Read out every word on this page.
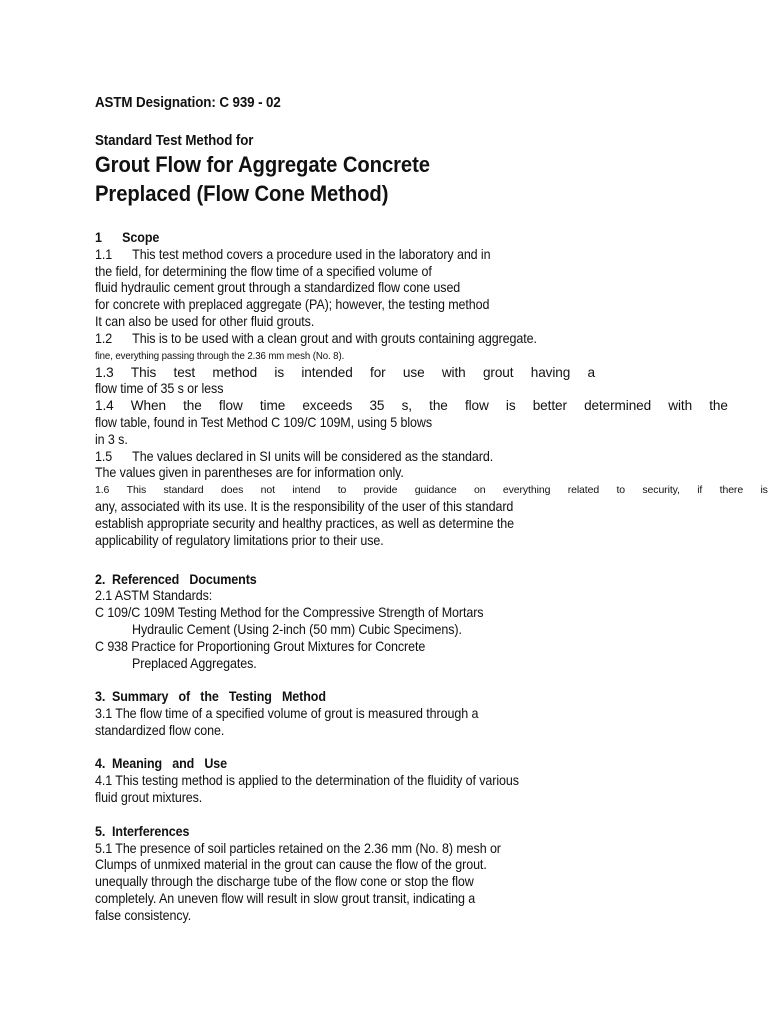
ASTM Designation: C 939 - 02
Standard Test Method for
Grout Flow for Aggregate Concrete
Preplaced (Flow Cone Method)
1      Scope
1.1      This test method covers a procedure used in the laboratory and in
the field, for determining the flow time of a specified volume of
fluid hydraulic cement grout through a standardized flow cone used
for concrete with preplaced aggregate (PA); however, the testing method
It can also be used for other fluid grouts.
1.2      This is to be used with a clean grout and with grouts containing aggregate.
fine, everything passing through the 2.36 mm mesh (No. 8).
1.3 This test method is intended for use with grout having a
flow time of 35 s or less
1.4 When the flow time exceeds 35 s, the flow is better determined with the
flow table, found in Test Method C 109/C 109M, using 5 blows
in 3 s.
1.5      The values declared in SI units will be considered as the standard.
The values given in parentheses are for information only.
1.6 This standard does not intend to provide guidance on everything related to security, if there is
any, associated with its use. It is the responsibility of the user of this standard
establish appropriate security and healthy practices, as well as determine the
applicability of regulatory limitations prior to their use.
2.  Referenced   Documents
2.1 ASTM Standards:
C 109/C 109M Testing Method for the Compressive Strength of Mortars
Hydraulic Cement (Using 2-inch (50 mm) Cubic Specimens).
C 938 Practice for Proportioning Grout Mixtures for Concrete
Preplaced Aggregates.
3.  Summary   of   the   Testing   Method
3.1 The flow time of a specified volume of grout is measured through a
standardized flow cone.
4.  Meaning   and   Use
4.1 This testing method is applied to the determination of the fluidity of various
fluid grout mixtures.
5.  Interferences
5.1 The presence of soil particles retained on the 2.36 mm (No. 8) mesh or
Clumps of unmixed material in the grout can cause the flow of the grout.
unequally through the discharge tube of the flow cone or stop the flow
completely. An uneven flow will result in slow grout transit, indicating a
false consistency.
